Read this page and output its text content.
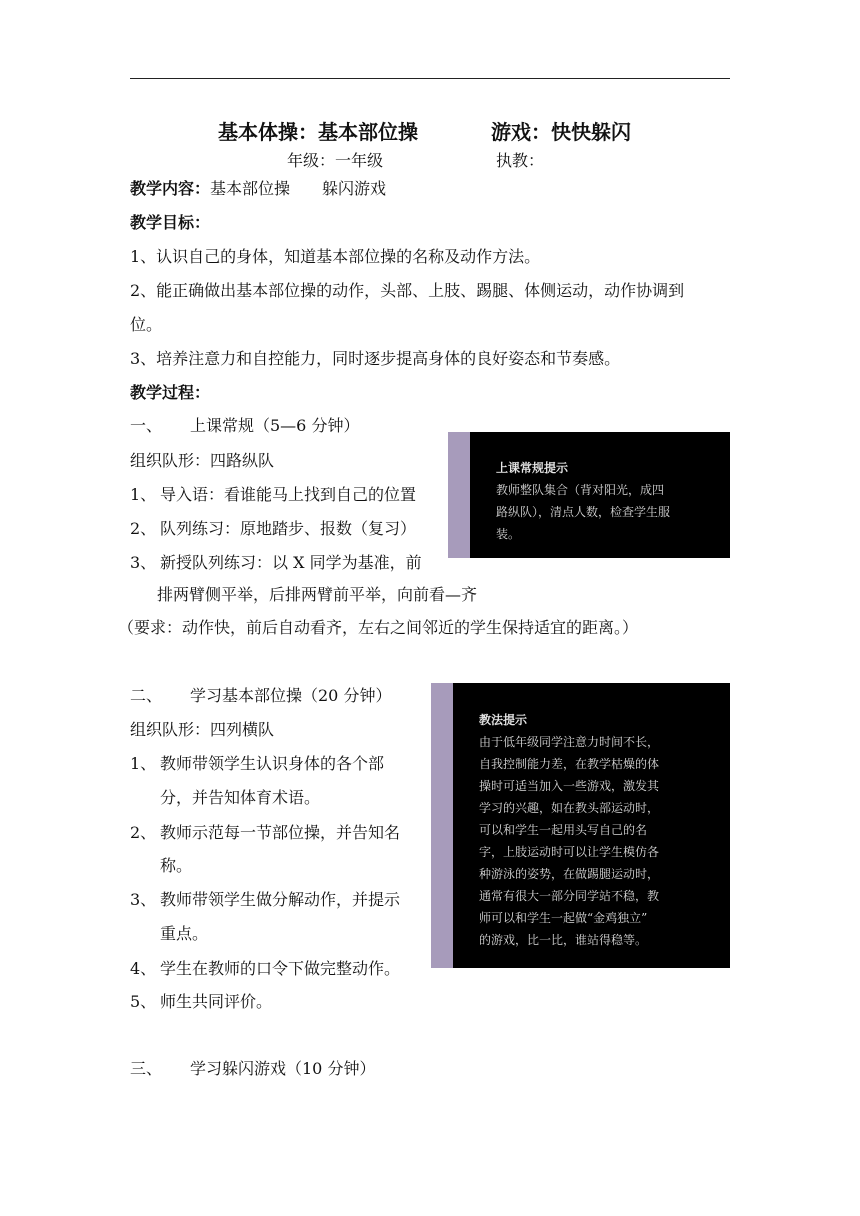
基本体操：基本部位操	游戏：快快躲闪
年级：一年级	执教：
教学内容：基本部位操　　躲闪游戏
教学目标：
1、认识自己的身体，知道基本部位操的名称及动作方法。
2、能正确做出基本部位操的动作，头部、上肢、踢腿、体侧运动，动作协调到
位。
3、培养注意力和自控能力，同时逐步提高身体的良好姿态和节奏感。
教学过程：
一、 上课常规（5—6 分钟）
组织队形：四路纵队
1、 导入语：看谁能马上找到自己的位置
2、 队列练习：原地踏步、报数（复习）
3、 新授队列练习：以 X 同学为基准，前
排两臂侧平举，后排两臂前平举，向前看—齐
（要求：动作快，前后自动看齐，左右之间邻近的学生保持适宜的距离。）
上课常规提示
教师整队集合（背对阳光，成四
路纵队），清点人数，检查学生服
装。
二、 学习基本部位操（20 分钟）
组织队形：四列横队
1、 教师带领学生认识身体的各个部
分，并告知体育术语。
2、 教师示范每一节部位操，并告知名
称。
3、 教师带领学生做分解动作，并提示
重点。
4、 学生在教师的口令下做完整动作。
5、 师生共同评价。
教法提示
由于低年级同学注意力时间不长，
自我控制能力差，在教学枯燥的体
操时可适当加入一些游戏，激发其
学习的兴趣，如在教头部运动时，
可以和学生一起用头写自己的名
字，上肢运动时可以让学生模仿各
种游泳的姿势，在做踢腿运动时，
通常有很大一部分同学站不稳，教
师可以和学生一起做“金鸡独立”
的游戏，比一比，谁站得稳等。
三、 学习躲闪游戏（10 分钟）
